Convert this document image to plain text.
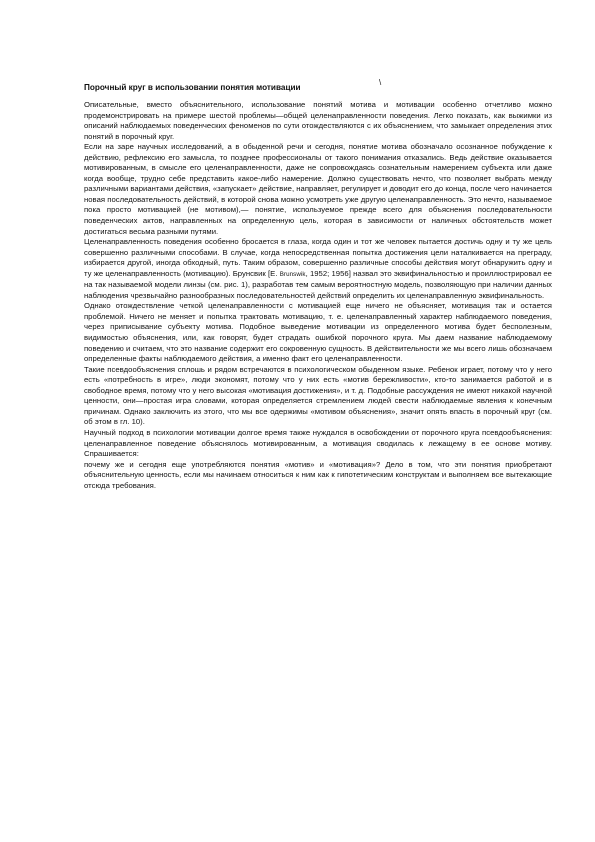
Порочный круг в использовании понятия мотивации
\

Описательные, вместо объяснительного, использование понятий мотива и мотивации особенно отчетливо можно продемонстрировать на примере шестой проблемы—общей целенаправленности поведения. Легко показать, как выжимки из описаний наблюдаемых поведенческих феноменов по сути отождествляются с их объяснением, что замыкает определения этих понятий в порочный круг.

Если на заре научных исследований, а в обыденной речи и сегодня, понятие мотива обозначало осознанное побуждение к действию, рефлексию его замысла, то позднее профессионалы от такого понимания отказались. Ведь действие оказывается мотивированным, в смысле его целенаправленности, даже не сопровождаясь сознательным намерением субъекта или даже когда вообще, трудно себе представить какое-либо намерение. Должно существовать нечто, что позволяет выбрать между различными вариантами действия, «запускает» действие, направляет, регулирует и доводит его до конца, после чего начинается новая последовательность действий, в которой снова можно усмотреть уже другую целенаправленность. Это нечто, называемое пока просто мотивацией (не мотивом),— понятие, используемое прежде всего для объяснения последовательности поведенческих актов, направленных на определенную цель, которая в зависимости от наличных обстоятельств может достигаться весьма разными путями.

Целенаправленность поведения особенно бросается в глаза, когда один и тот же человек пытается достичь одну и ту же цель совершенно различными способами. В случае, когда непосредственная попытка достижения цели наталкивается на преграду, избирается другой, иногда обходный, путь. Таким образом, совершенно различные способы действия могут обнаружить одну и ту же целенаправленность (мотивацию). Брунсвик [Е. Brunswik, 1952; 1956] назвал это эквифинальностью и проиллюстрировал ее на так называемой модели линзы (см. рис. 1), разработав тем самым вероятностную модель, позволяющую при наличии данных наблюдения чрезвычайно разнообразных последовательностей действий определить их целенаправленную эквифинальность.

Однако отождествление четкой целенаправленности с мотивацией еще ничего не объясняет, мотивация так и остается проблемой. Ничего не меняет и попытка трактовать мотивацию, т. е. целенаправленный характер наблюдаемого поведения, через приписывание субъекту мотива. Подобное выведение мотивации из определенного мотива будет бесполезным, видимостью объяснения, или, как говорят, будет страдать ошибкой порочного круга. Мы даем название наблюдаемому поведению и считаем, что это название содержит его сокровенную сущность. В действительности же мы всего лишь обозначаем определенные факты наблюдаемого действия, а именно факт его целенаправленности.

Такие псевдообъяснения сплошь и рядом встречаются в психологическом обыденном языке. Ребенок играет, потому что у него есть «потребность в игре», люди экономят, потому что у них есть «мотив бережливости», кто-то занимается работой и в свободное время, потому что у него высокая «мотивация достижения», и т. д. Подобные рассуждения не имеют никакой научной ценности, они—простая игра словами, которая определяется стремлением людей свести наблюдаемые явления к конечным причинам. Однако заключить из этого, что мы все одержимы «мотивом объяснения», значит опять впасть в порочный круг (см. об этом в гл. 10).

Научный подход в психологии мотивации долгое время также нуждался в освобождении от порочного круга псевдообъяснения: целенаправленное поведение объяснялось мотивированным, а мотивация сводилась к лежащему в ее основе мотиву. Спрашивается:

почему же и сегодня еще употребляются понятия «мотив» и «мотивация»? Дело в том, что эти понятия приобретают объяснительную ценность, если мы начинаем относиться к ним как к гипотетическим конструктам и выполняем все вытекающие отсюда требования.
